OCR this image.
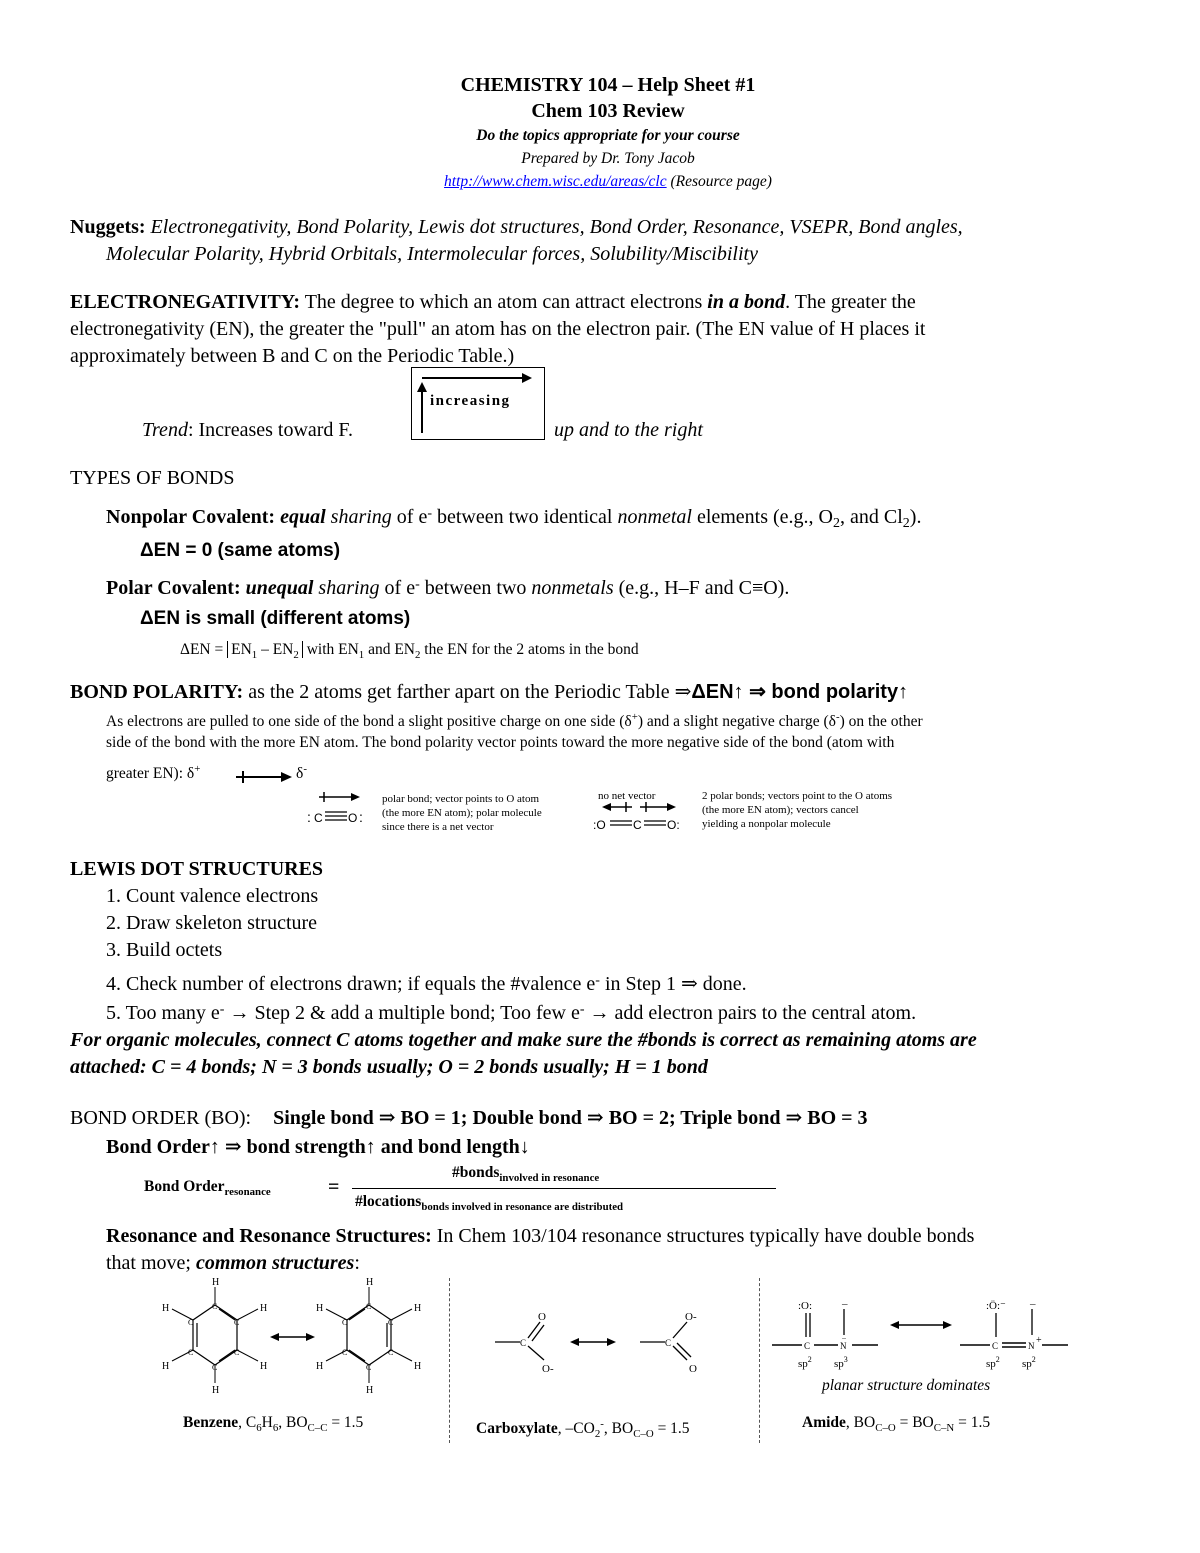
CHEMISTRY 104 – Help Sheet #1
Chem 103 Review
Do the topics appropriate for your course
Prepared by Dr. Tony Jacob
http://www.chem.wisc.edu/areas/clc (Resource page)
Nuggets: Electronegativity, Bond Polarity, Lewis dot structures, Bond Order, Resonance, VSEPR, Bond angles,
Molecular Polarity, Hybrid Orbitals, Intermolecular forces, Solubility/Miscibility
ELECTRONEGATIVITY: The degree to which an atom can attract electrons in a bond. The greater the
electronegativity (EN), the greater the "pull" an atom has on the electron pair. (The EN value of H places it
approximately between B and C on the Periodic Table.)
Trend: Increases toward F.
increasing
up and to the right
TYPES OF BONDS
Nonpolar Covalent: equal sharing of e- between two identical nonmetal elements (e.g., $O_2$, and $Cl_2$).
ΔEN = 0 (same atoms)
Polar Covalent: unequal sharing of e- between two nonmetals (e.g., H–F and C≡O).
ΔEN is small (different atoms)
$\Delta EN = EN_1 - EN_2$ with $EN_1$ and $EN_2$ the EN for the 2 atoms in the bond
BOND POLARITY: as the 2 atoms get farther apart on the Periodic Table ⇒ΔEN↑ ⇒ bond polarity↑
As electrons are pulled to one side of the bond a slight positive charge on one side (δ+) and a slight negative charge (δ-) on the other
side of the bond with the more EN atom. The bond polarity vector points toward the more negative side of the bond (atom with
greater EN): δ+	δ-
: C O :
polar bond; vector points to O atom
(the more EN atom); polar molecule
since there is a net vector
no net vector
:O C O:
2 polar bonds; vectors point to the O atoms
(the more EN atom); vectors cancel
yielding a nonpolar molecule
LEWIS DOT STRUCTURES
1. Count valence electrons
2. Draw skeleton structure
3. Build octets
4. Check number of electrons drawn; if equals the #valence e- in Step 1 ⇒ done.
5. Too many e- → Step 2 & add a multiple bond; Too few e- → add electron pairs to the central atom.
For organic molecules, connect C atoms together and make sure the #bonds is correct as remaining atoms are
attached: C = 4 bonds; N = 3 bonds usually; O = 2 bonds usually; H = 1 bond
BOND ORDER (BO): Single bond ⇒ BO = 1; Double bond ⇒ BO = 2; Triple bond ⇒ BO = 3
Bond Order↑ ⇒ bond strength↑ and bond length↓
Bond Order$_{resonance}$	=
#bonds$_{involved in resonance}$
#locations$_{bonds involved in resonance are distributed}$
Resonance and Resonance Structures: In Chem 103/104 resonance structures typically have double bonds
that move; common structures:
H
H
H
H
H
H	C
C
C
C
C
C
H
H
H
H
H
H	C
C
C
C
C
C
Benzene, $C_6H_6$, $BO_{C-C} = 1.5$
C
O
O-
C
O-
O
Carboxylate, $-CO_2^-$, $BO_{C-O} = 1.5$
:O:
C	N
..
–
$sp^2$ $sp^3$
:Ö:⁻
C	N +
–
$sp^2$ $sp^2$
planar structure dominates
Amide, $BO_{C-O} = BO_{C-N} = 1.5$
